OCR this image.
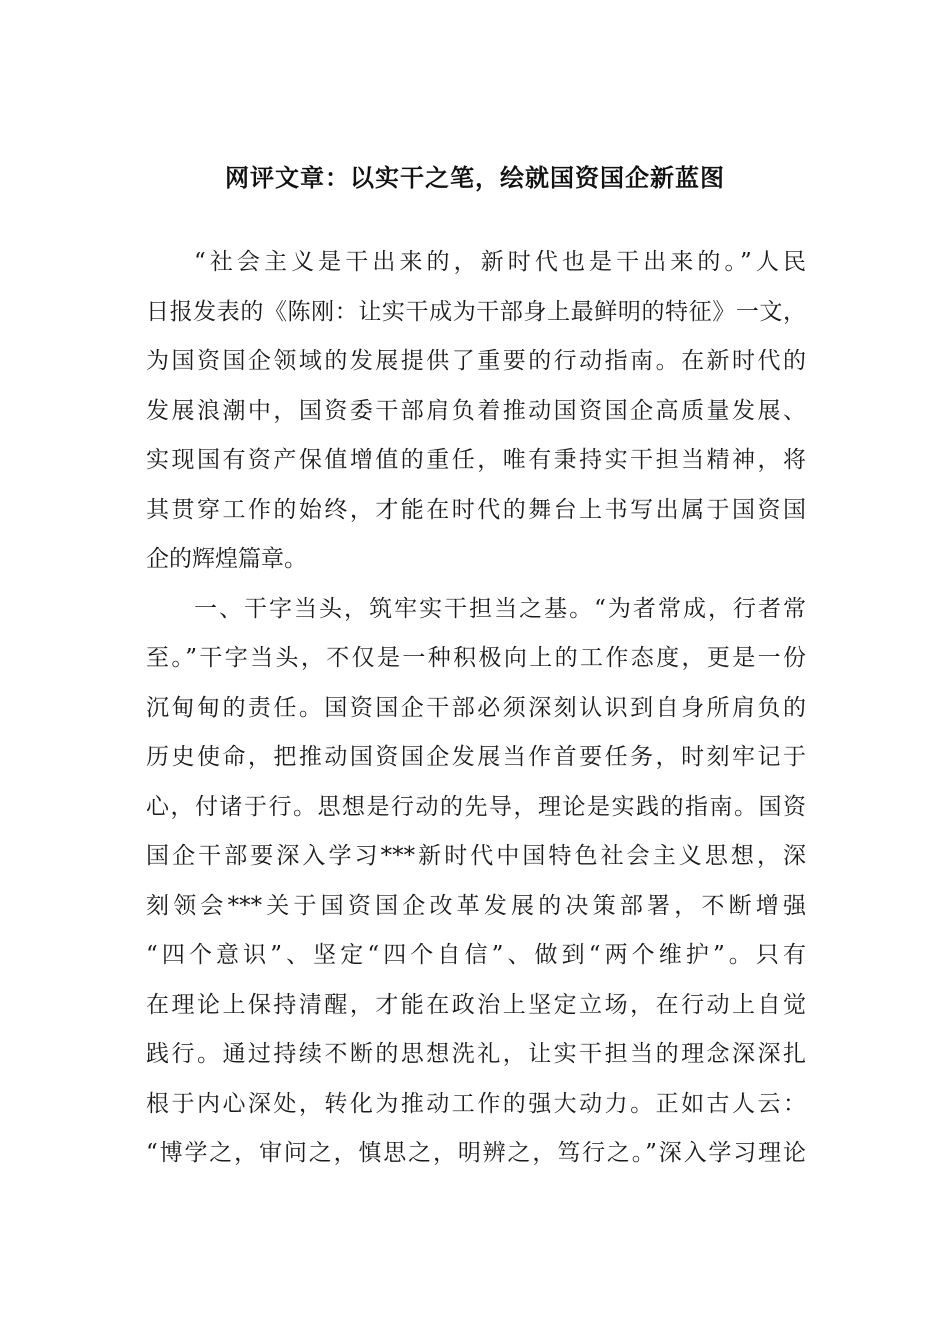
网评文章：以实干之笔，绘就国资国企新蓝图
“社会主义是干出来的，新时代也是干出来的。”人民
日报发表的《陈刚：让实干成为干部身上最鲜明的特征》一文，
为国资国企领域的发展提供了重要的行动指南。在新时代的
发展浪潮中，国资委干部肩负着推动国资国企高质量发展、
实现国有资产保值增值的重任，唯有秉持实干担当精神，将
其贯穿工作的始终，才能在时代的舞台上书写出属于国资国
企的辉煌篇章。
一、干字当头，筑牢实干担当之基。“为者常成，行者常
至。”干字当头，不仅是一种积极向上的工作态度，更是一份
沉甸甸的责任。国资国企干部必须深刻认识到自身所肩负的
历史使命，把推动国资国企发展当作首要任务，时刻牢记于
心，付诸于行。思想是行动的先导，理论是实践的指南。国资
国企干部要深入学习***新时代中国特色社会主义思想，深
刻领会***关于国资国企改革发展的决策部署，不断增强
“四个意识”、坚定“四个自信”、做到“两个维护”。只有
在理论上保持清醒，才能在政治上坚定立场，在行动上自觉
践行。通过持续不断的思想洗礼，让实干担当的理念深深扎
根于内心深处，转化为推动工作的强大动力。正如古人云：
“博学之，审问之，慎思之，明辨之，笃行之。”深入学习理论
